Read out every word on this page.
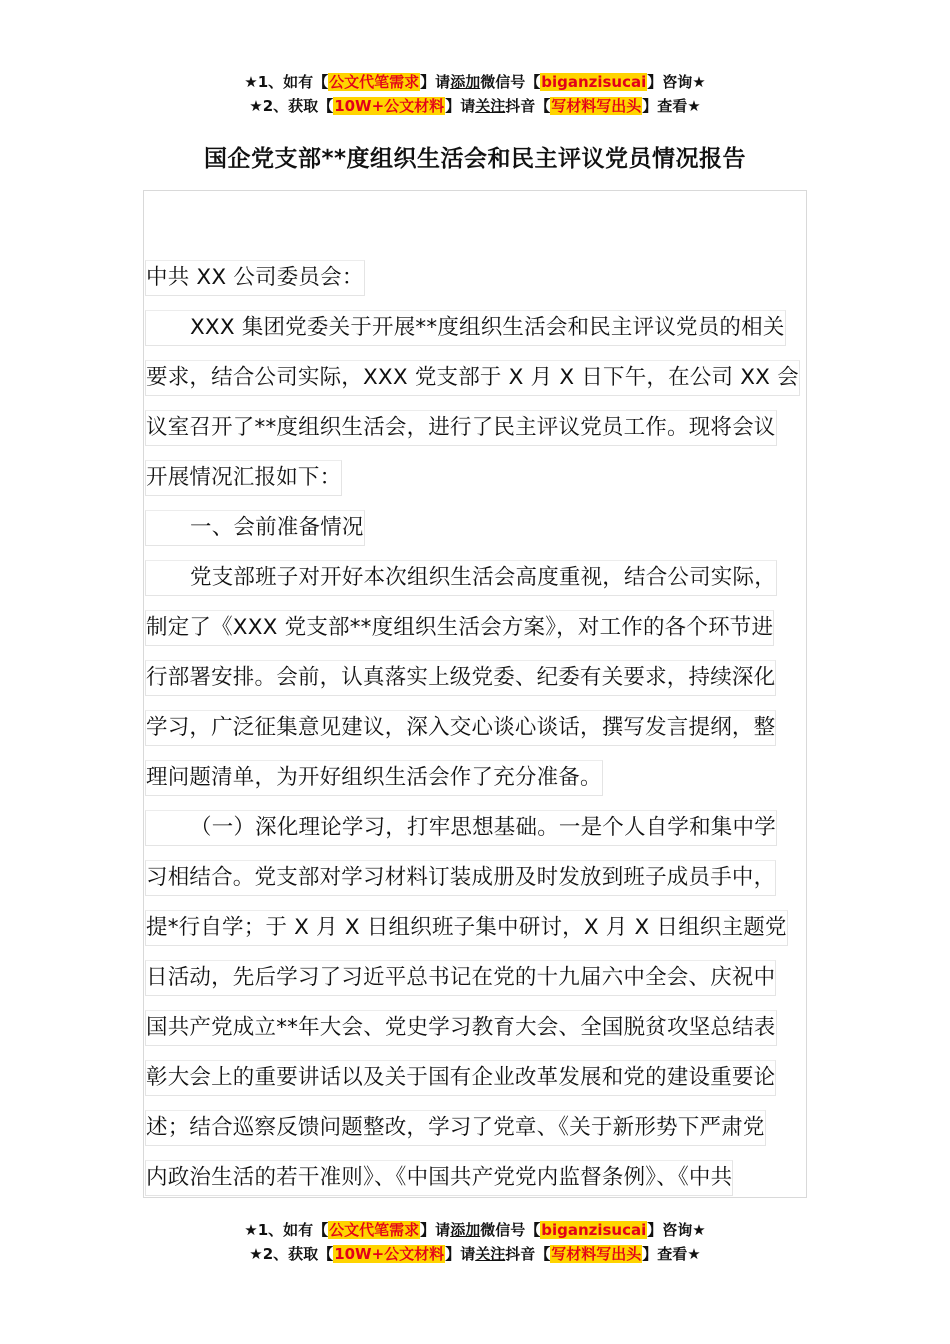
★1、如有【公文代笔需求】请添加微信号【biganzisucai】咨询★
★2、获取【10W+公文材料】请关注抖音【写材料写出头】查看★
国企党支部**度组织生活会和民主评议党员情况报告
中共 XX 公司委员会：
XXX 集团党委关于开展**度组织生活会和民主评议党员的相关
要求，结合公司实际，XXX 党支部于 X 月 X 日下午，在公司 XX 会
议室召开了**度组织生活会，进行了民主评议党员工作。现将会议
开展情况汇报如下：
一、会前准备情况
党支部班子对开好本次组织生活会高度重视，结合公司实际，
制定了《XXX 党支部**度组织生活会方案》，对工作的各个环节进
行部署安排。会前，认真落实上级党委、纪委有关要求，持续深化
学习，广泛征集意见建议，深入交心谈心谈话，撰写发言提纲，整
理问题清单，为开好组织生活会作了充分准备。
（一）深化理论学习，打牢思想基础。一是个人自学和集中学
习相结合。党支部对学习材料订装成册及时发放到班子成员手中，
提*行自学；于 X 月 X 日组织班子集中研讨，X 月 X 日组织主题党
日活动，先后学习了习近平总书记在党的十九届六中全会、庆祝中
国共产党成立**年大会、党史学习教育大会、全国脱贫攻坚总结表
彰大会上的重要讲话以及关于国有企业改革发展和党的建设重要论
述；结合巡察反馈问题整改，学习了党章、《关于新形势下严肃党
内政治生活的若干准则》、《中国共产党党内监督条例》、《中共
★1、如有【公文代笔需求】请添加微信号【biganzisucai】咨询★
★2、获取【10W+公文材料】请关注抖音【写材料写出头】查看★
